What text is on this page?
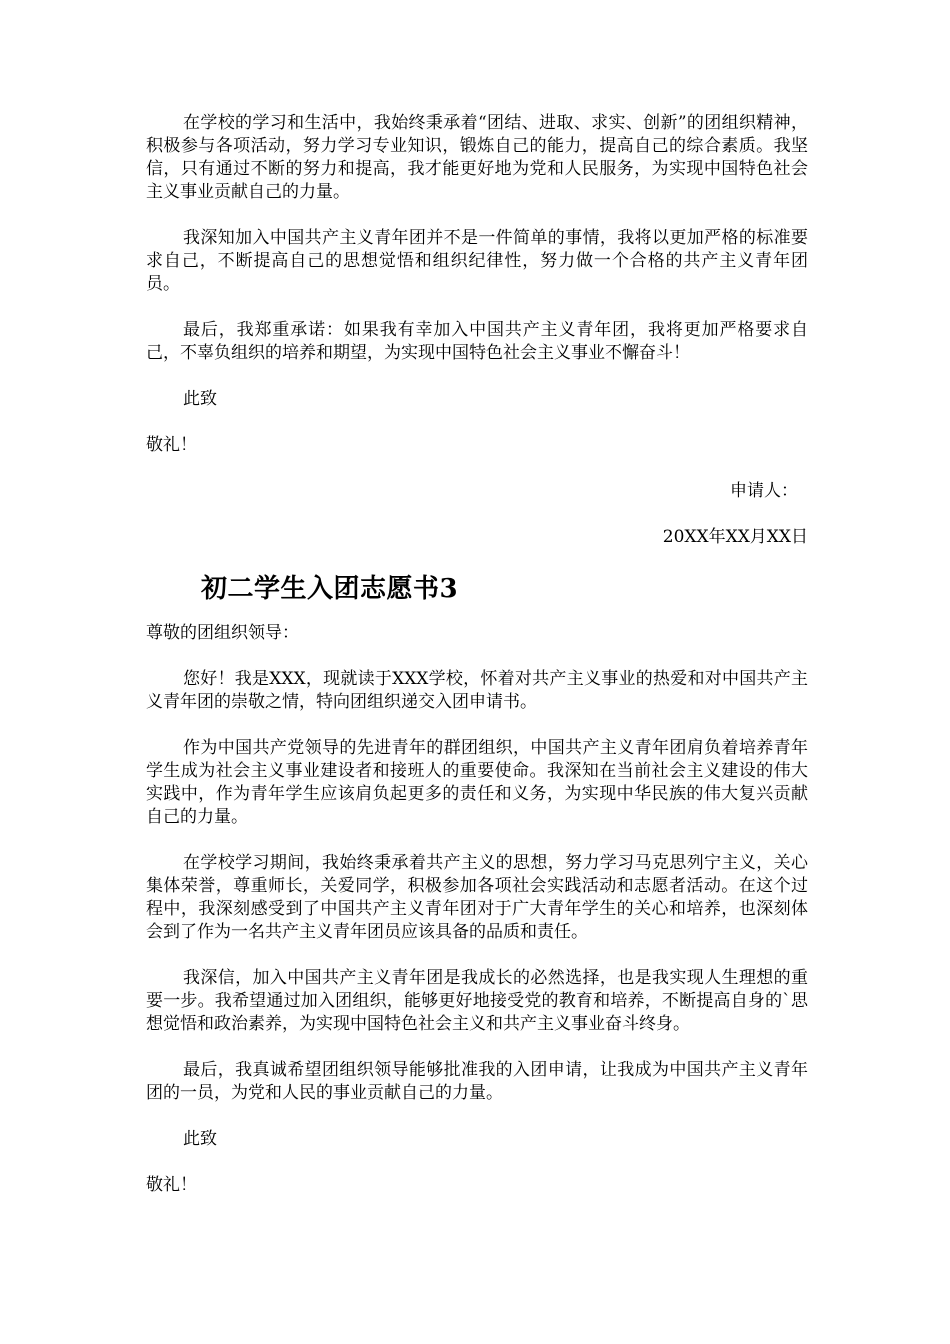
在学校的学习和生活中，我始终秉承着“团结、进取、求实、创新”的团组织精神，积极参与各项活动，努力学习专业知识，锻炼自己的能力，提高自己的综合素质。我坚信，只有通过不断的努力和提高，我才能更好地为党和人民服务，为实现中国特色社会主义事业贡献自己的力量。

我深知加入中国共产主义青年团并不是一件简单的事情，我将以更加严格的标准要求自己，不断提高自己的思想觉悟和组织纪律性，努力做一个合格的共产主义青年团员。

最后，我郑重承诺：如果我有幸加入中国共产主义青年团，我将更加严格要求自己，不辜负组织的培养和期望，为实现中国特色社会主义事业不懈奋斗！

此致

敬礼！

申请人：

20XX年XX月XX日

初二学生入团志愿书3

尊敬的团组织领导：

您好！我是XXX，现就读于XXX学校，怀着对共产主义事业的热爱和对中国共产主义青年团的崇敬之情，特向团组织递交入团申请书。

作为中国共产党领导的先进青年的群团组织，中国共产主义青年团肩负着培养青年学生成为社会主义事业建设者和接班人的重要使命。我深知在当前社会主义建设的伟大实践中，作为青年学生应该肩负起更多的责任和义务，为实现中华民族的伟大复兴贡献自己的力量。

在学校学习期间，我始终秉承着共产主义的思想，努力学习马克思列宁主义，关心集体荣誉，尊重师长，关爱同学，积极参加各项社会实践活动和志愿者活动。在这个过程中，我深刻感受到了中国共产主义青年团对于广大青年学生的关心和培养，也深刻体会到了作为一名共产主义青年团员应该具备的品质和责任。

我深信，加入中国共产主义青年团是我成长的必然选择，也是我实现人生理想的重要一步。我希望通过加入团组织，能够更好地接受党的教育和培养，不断提高自身的`思想觉悟和政治素养，为实现中国特色社会主义和共产主义事业奋斗终身。

最后，我真诚希望团组织领导能够批准我的入团申请，让我成为中国共产主义青年团的一员，为党和人民的事业贡献自己的力量。

此致

敬礼！
